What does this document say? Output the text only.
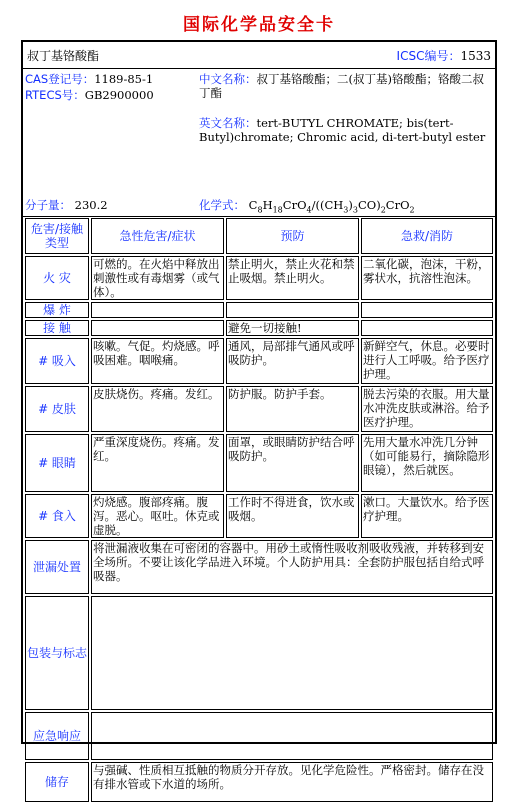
国际化学品安全卡
叔丁基铬酸酯	ICSC编号：1533
CAS登记号：1189-85-1
RTECS号：GB2900000
分子量： 230.2
中文名称：叔丁基铬酸酯；二(叔丁基)铬酸酯；铬酸二叔丁酯
英文名称：tert-BUTYL CHROMATE; bis(tert-Butyl)chromate; Chromic acid, di-tert-butyl ester
化学式： $C_8H_{18}CrO_4/((CH_3)_3CO)_2CrO_2$
危害/接触类型	急性危害/症状	预防	急救/消防
火 灾	可燃的。在火焰中释放出刺激性或有毒烟雾（或气体）。	禁止明火，禁止火花和禁止吸烟。禁止明火。	二氧化碳，泡沫，干粉，雾状水，抗溶性泡沫。
爆 炸			
接 触		避免一切接触!	
# 吸入	咳嗽。气促。灼烧感。呼吸困难。咽喉痛。	通风，局部排气通风或呼吸防护。	新鲜空气，休息。必要时进行人工呼吸。给予医疗护理。
# 皮肤	皮肤烧伤。疼痛。发红。	防护服。防护手套。	脱去污染的衣服。用大量水冲洗皮肤或淋浴。给予医疗护理。
# 眼睛	严重深度烧伤。疼痛。发红。	面罩，或眼睛防护结合呼吸防护。	先用大量水冲洗几分钟（如可能易行，摘除隐形眼镜），然后就医。
# 食入	灼烧感。腹部疼痛。腹泻。恶心。呕吐。休克或虚脱。	工作时不得进食，饮水或吸烟。	漱口。大量饮水。给予医疗护理。
泄漏处置	将泄漏液收集在可密闭的容器中。用砂土或惰性吸收剂吸收残液，并转移到安全场所。不要让该化学品进入环境。个人防护用具：全套防护服包括自给式呼吸器。		
包装与标志			
应急响应			
储存	与强碱、性质相互抵触的物质分开存放。见化学危险性。严格密封。储存在没有排水管或下水道的场所。		
